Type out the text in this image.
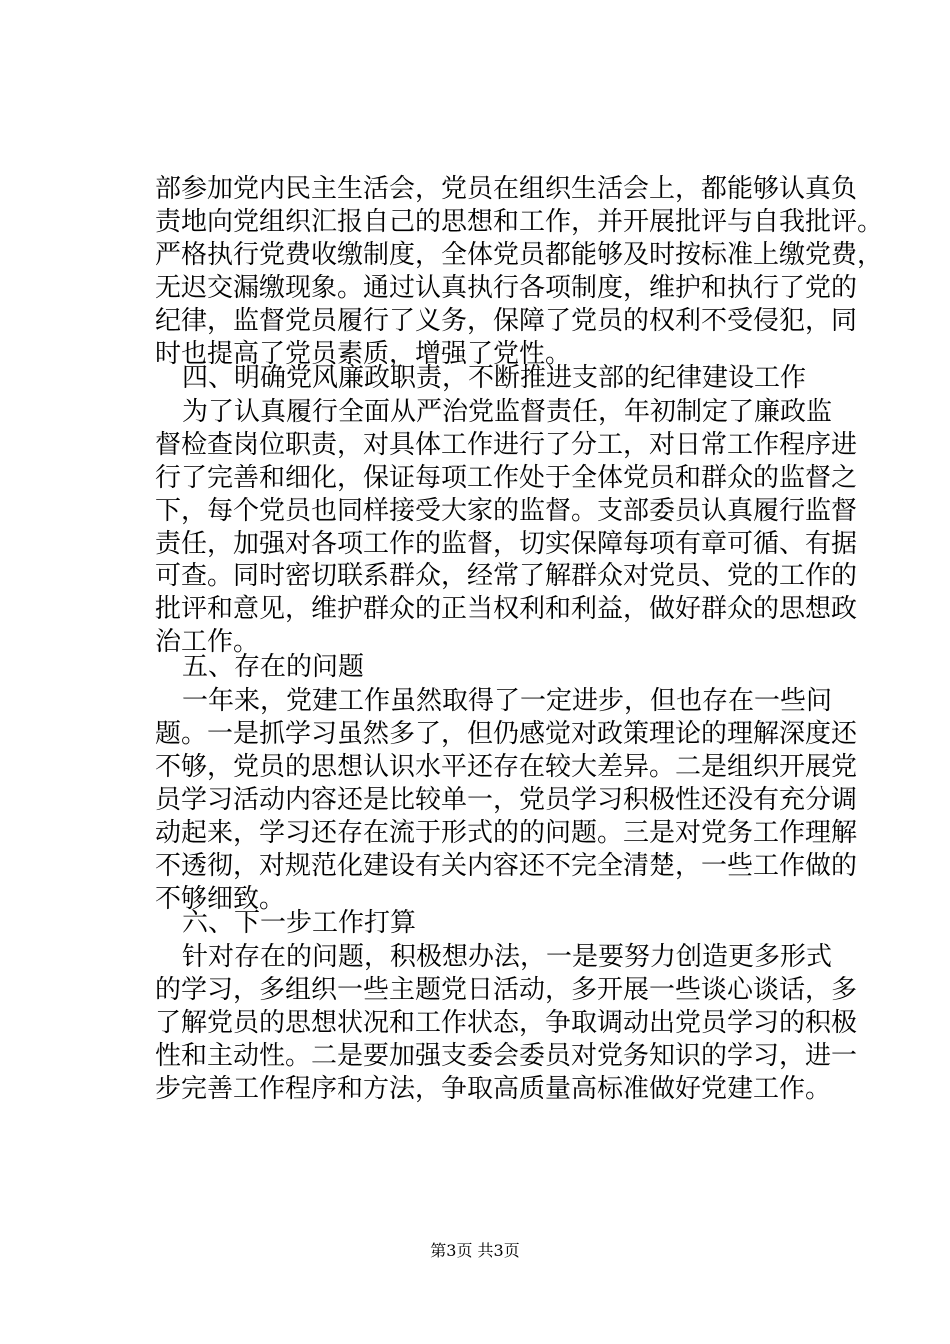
部参加党内民主生活会，党员在组织生活会上，都能够认真负
责地向党组织汇报自己的思想和工作，并开展批评与自我批评。
严格执行党费收缴制度，全体党员都能够及时按标准上缴党费，
无迟交漏缴现象。通过认真执行各项制度，维护和执行了党的
纪律，监督党员履行了义务，保障了党员的权利不受侵犯，同
时也提高了党员素质，增强了党性。
四、明确党风廉政职责，不断推进支部的纪律建设工作
为了认真履行全面从严治党监督责任，年初制定了廉政监
督检查岗位职责，对具体工作进行了分工，对日常工作程序进
行了完善和细化，保证每项工作处于全体党员和群众的监督之
下，每个党员也同样接受大家的监督。支部委员认真履行监督
责任，加强对各项工作的监督，切实保障每项有章可循、有据
可查。同时密切联系群众，经常了解群众对党员、党的工作的
批评和意见，维护群众的正当权利和利益，做好群众的思想政
治工作。
五、存在的问题
一年来，党建工作虽然取得了一定进步，但也存在一些问
题。一是抓学习虽然多了，但仍感觉对政策理论的理解深度还
不够，党员的思想认识水平还存在较大差异。二是组织开展党
员学习活动内容还是比较单一，党员学习积极性还没有充分调
动起来，学习还存在流于形式的的问题。三是对党务工作理解
不透彻，对规范化建设有关内容还不完全清楚，一些工作做的
不够细致。
六、下一步工作打算
针对存在的问题，积极想办法，一是要努力创造更多形式
的学习，多组织一些主题党日活动，多开展一些谈心谈话，多
了解党员的思想状况和工作状态，争取调动出党员学习的积极
性和主动性。二是要加强支委会委员对党务知识的学习，进一
步完善工作程序和方法，争取高质量高标准做好党建工作。
第3页 共3页
